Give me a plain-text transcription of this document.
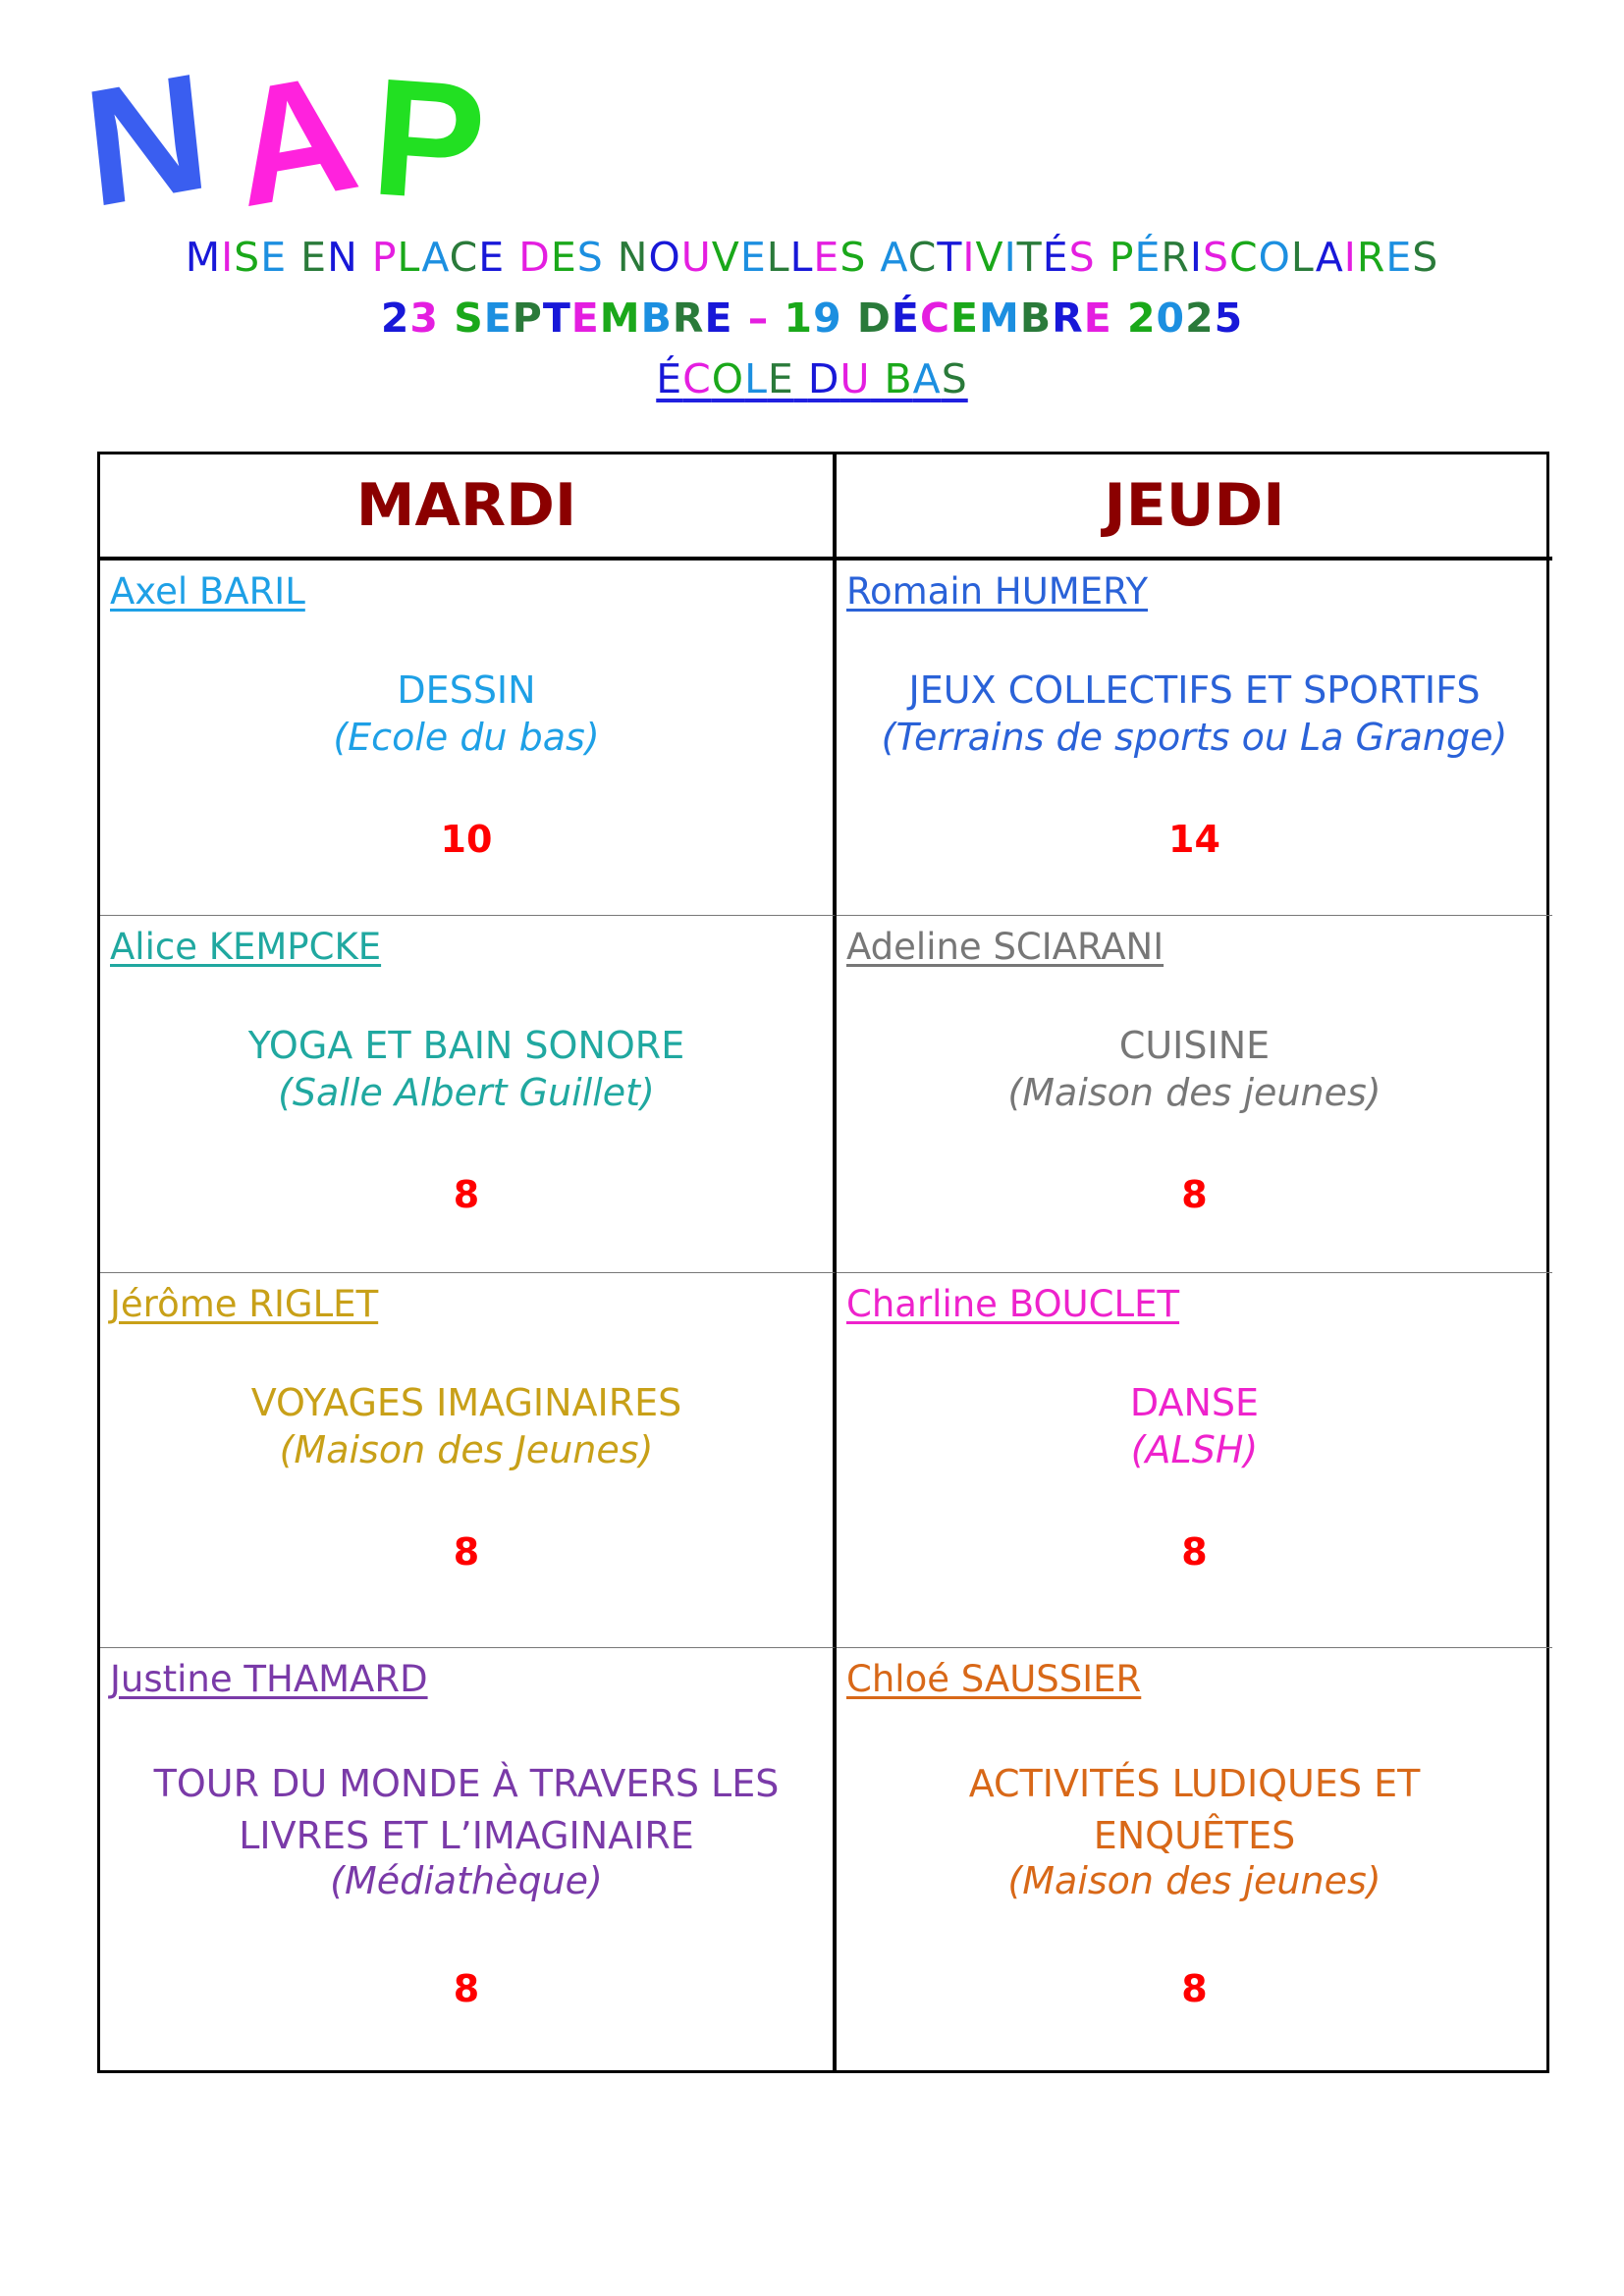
N A
P
MISE EN PLACE DES NOUVELLES ACTIVITÉS PÉRISCOLAIRES
23 SEPTEMBRE – 19 DÉCEMBRE 2025
ÉCOLE DU BAS
MARDI	JEUDI
Axel BARIL
DESSIN
(Ecole du bas)
10
Romain HUMERY
JEUX COLLECTIFS ET SPORTIFS
(Terrains de sports ou La Grange)
14
Alice KEMPCKE
YOGA ET BAIN SONORE
(Salle Albert Guillet)
8
Adeline SCIARANI
CUISINE
(Maison des jeunes)
8
Jérôme RIGLET
VOYAGES IMAGINAIRES
(Maison des Jeunes)
8
Charline BOUCLET
DANSE
(ALSH)
8
Justine THAMARD
TOUR DU MONDE À TRAVERS LES LIVRES ET L’IMAGINAIRE
(Médiathèque)
8
Chloé SAUSSIER
ACTIVITÉS LUDIQUES ET ENQUÊTES
(Maison des jeunes)
8
